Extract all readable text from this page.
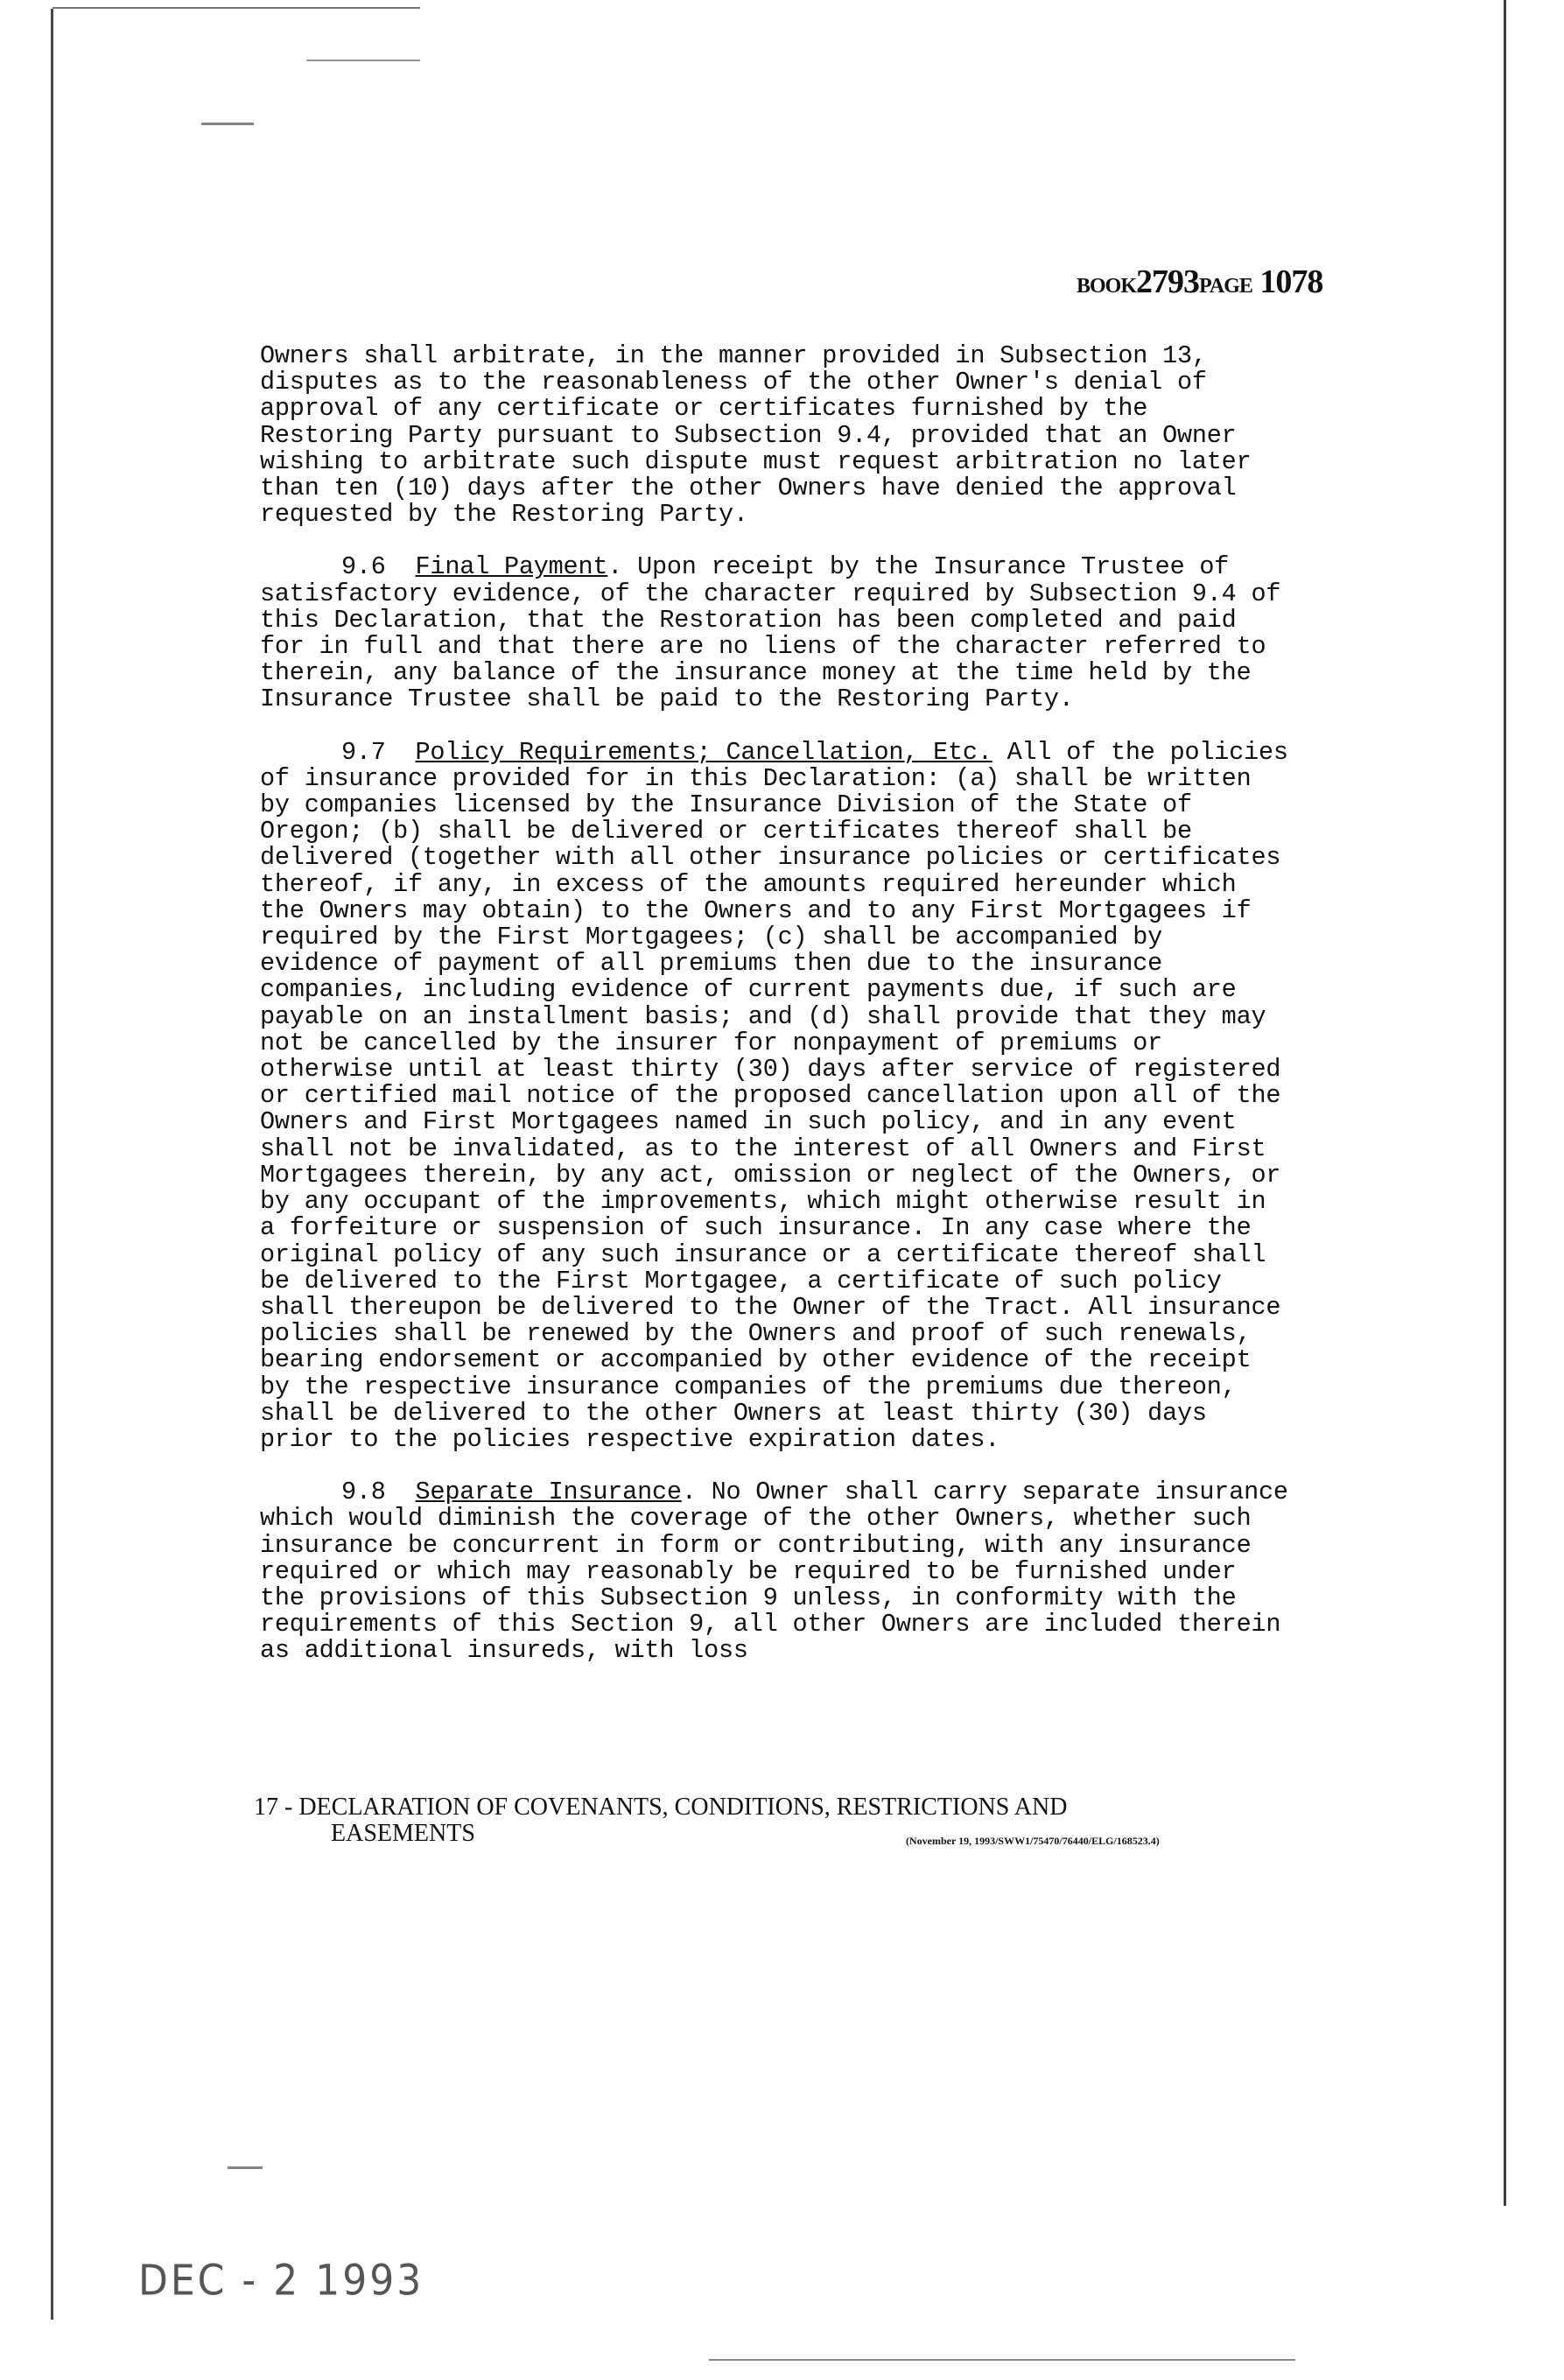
BOOK2793PAGE 1078

Owners shall arbitrate, in the manner provided in Subsection 13, disputes as to the reasonableness of the other Owner's denial of approval of any certificate or certificates furnished by the Restoring Party pursuant to Subsection 9.4, provided that an Owner wishing to arbitrate such dispute must request arbitration no later than ten (10) days after the other Owners have denied the approval requested by the Restoring Party.

9.6 Final Payment. Upon receipt by the Insurance Trustee of satisfactory evidence, of the character required by Subsection 9.4 of this Declaration, that the Restoration has been completed and paid for in full and that there are no liens of the character referred to therein, any balance of the insurance money at the time held by the Insurance Trustee shall be paid to the Restoring Party.

9.7 Policy Requirements; Cancellation, Etc. All of the policies of insurance provided for in this Declaration: (a) shall be written by companies licensed by the Insurance Division of the State of Oregon; (b) shall be delivered or certificates thereof shall be delivered (together with all other insurance policies or certificates thereof, if any, in excess of the amounts required hereunder which the Owners may obtain) to the Owners and to any First Mortgagees if required by the First Mortgagees; (c) shall be accompanied by evidence of payment of all premiums then due to the insurance companies, including evidence of current payments due, if such are payable on an installment basis; and (d) shall provide that they may not be cancelled by the insurer for nonpayment of premiums or otherwise until at least thirty (30) days after service of registered or certified mail notice of the proposed cancellation upon all of the Owners and First Mortgagees named in such policy, and in any event shall not be invalidated, as to the interest of all Owners and First Mortgagees therein, by any act, omission or neglect of the Owners, or by any occupant of the improvements, which might otherwise result in a forfeiture or suspension of such insurance. In any case where the original policy of any such insurance or a certificate thereof shall be delivered to the First Mortgagee, a certificate of such policy shall thereupon be delivered to the Owner of the Tract. All insurance policies shall be renewed by the Owners and proof of such renewals, bearing endorsement or accompanied by other evidence of the receipt by the respective insurance companies of the premiums due thereon, shall be delivered to the other Owners at least thirty (30) days prior to the policies respective expiration dates.

9.8 Separate Insurance. No Owner shall carry separate insurance which would diminish the coverage of the other Owners, whether such insurance be concurrent in form or contributing, with any insurance required or which may reasonably be required to be furnished under the provisions of this Subsection 9 unless, in conformity with the requirements of this Section 9, all other Owners are included therein as additional insureds, with loss

17 - DECLARATION OF COVENANTS, CONDITIONS, RESTRICTIONS AND
EASEMENTS	(November 19, 1993/SWW1/75470/76440/ELG/168523.4)
DEC - 2 1993
